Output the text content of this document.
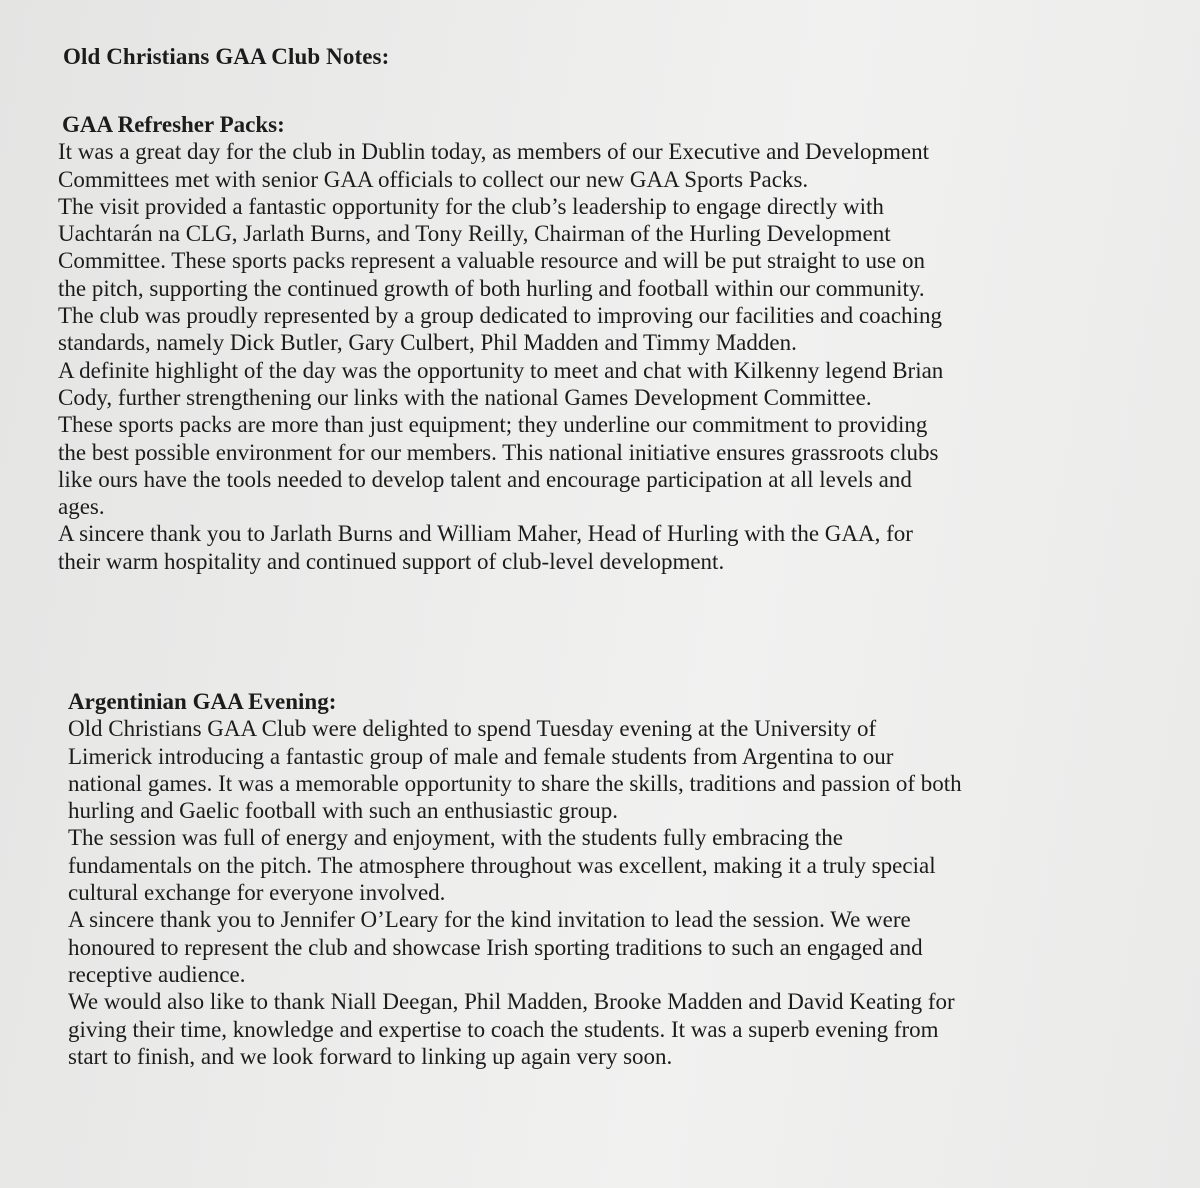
Old Christians GAA Club Notes:
GAA Refresher Packs:
It was a great day for the club in Dublin today, as members of our Executive and Development
Committees met with senior GAA officials to collect our new GAA Sports Packs.
The visit provided a fantastic opportunity for the club’s leadership to engage directly with
Uachtarán na CLG, Jarlath Burns, and Tony Reilly, Chairman of the Hurling Development
Committee. These sports packs represent a valuable resource and will be put straight to use on
the pitch, supporting the continued growth of both hurling and football within our community.
The club was proudly represented by a group dedicated to improving our facilities and coaching
standards, namely Dick Butler, Gary Culbert, Phil Madden and Timmy Madden.
A definite highlight of the day was the opportunity to meet and chat with Kilkenny legend Brian
Cody, further strengthening our links with the national Games Development Committee.
These sports packs are more than just equipment; they underline our commitment to providing
the best possible environment for our members. This national initiative ensures grassroots clubs
like ours have the tools needed to develop talent and encourage participation at all levels and
ages.
A sincere thank you to Jarlath Burns and William Maher, Head of Hurling with the GAA, for
their warm hospitality and continued support of club-level development.
Argentinian GAA Evening:
Old Christians GAA Club were delighted to spend Tuesday evening at the University of
Limerick introducing a fantastic group of male and female students from Argentina to our
national games. It was a memorable opportunity to share the skills, traditions and passion of both
hurling and Gaelic football with such an enthusiastic group.
The session was full of energy and enjoyment, with the students fully embracing the
fundamentals on the pitch. The atmosphere throughout was excellent, making it a truly special
cultural exchange for everyone involved.
A sincere thank you to Jennifer O’Leary for the kind invitation to lead the session. We were
honoured to represent the club and showcase Irish sporting traditions to such an engaged and
receptive audience.
We would also like to thank Niall Deegan, Phil Madden, Brooke Madden and David Keating for
giving their time, knowledge and expertise to coach the students. It was a superb evening from
start to finish, and we look forward to linking up again very soon.
